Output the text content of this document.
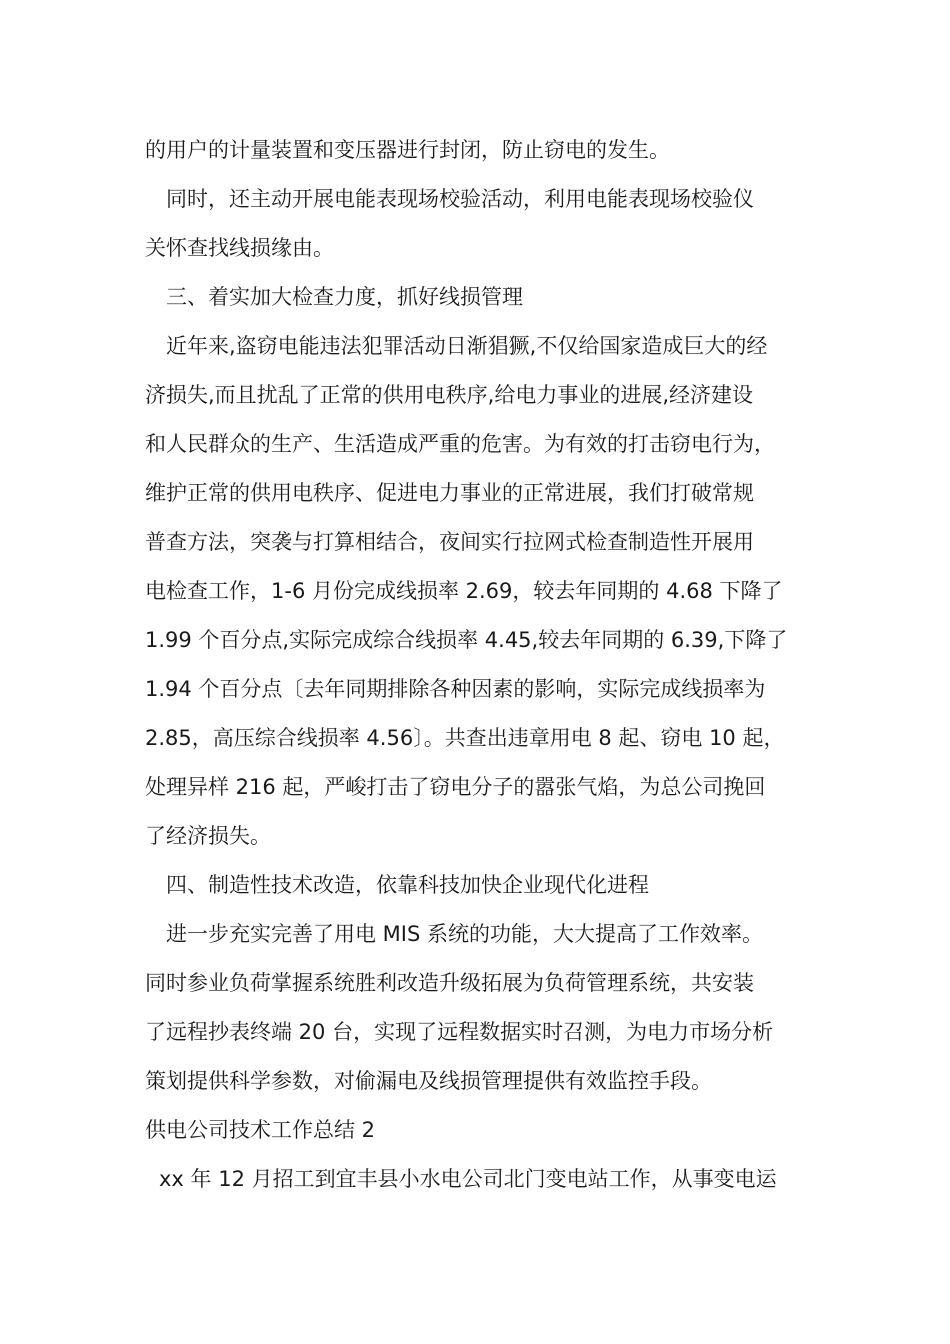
的用户的计量装置和变压器进行封闭，防止窃电的发生。
同时，还主动开展电能表现场校验活动，利用电能表现场校验仪
关怀查找线损缘由。
三、着实加大检查力度，抓好线损管理
近年来,盗窃电能违法犯罪活动日渐猖獗,不仅给国家造成巨大的经
济损失,而且扰乱了正常的供用电秩序,给电力事业的进展,经济建设
和人民群众的生产、生活造成严重的危害。为有效的打击窃电行为，
维护正常的供用电秩序、促进电力事业的正常进展，我们打破常规
普查方法，突袭与打算相结合，夜间实行拉网式检查制造性开展用
电检查工作，1-6 月份完成线损率 2.69，较去年同期的 4.68 下降了
1.99 个百分点,实际完成综合线损率 4.45,较去年同期的 6.39,下降了
1.94 个百分点〔去年同期排除各种因素的影响，实际完成线损率为
2.85，高压综合线损率 4.56〕。共查出违章用电 8 起、窃电 10 起，
处理异样 216 起，严峻打击了窃电分子的嚣张气焰，为总公司挽回
了经济损失。
四、制造性技术改造，依靠科技加快企业现代化进程
进一步充实完善了用电 MIS 系统的功能，大大提高了工作效率。
同时参业负荷掌握系统胜利改造升级拓展为负荷管理系统，共安装
了远程抄表终端 20 台，实现了远程数据实时召测，为电力市场分析
策划提供科学参数，对偷漏电及线损管理提供有效监控手段。
供电公司技术工作总结 2
xx 年 12 月招工到宜丰县小水电公司北门变电站工作，从事变电运
